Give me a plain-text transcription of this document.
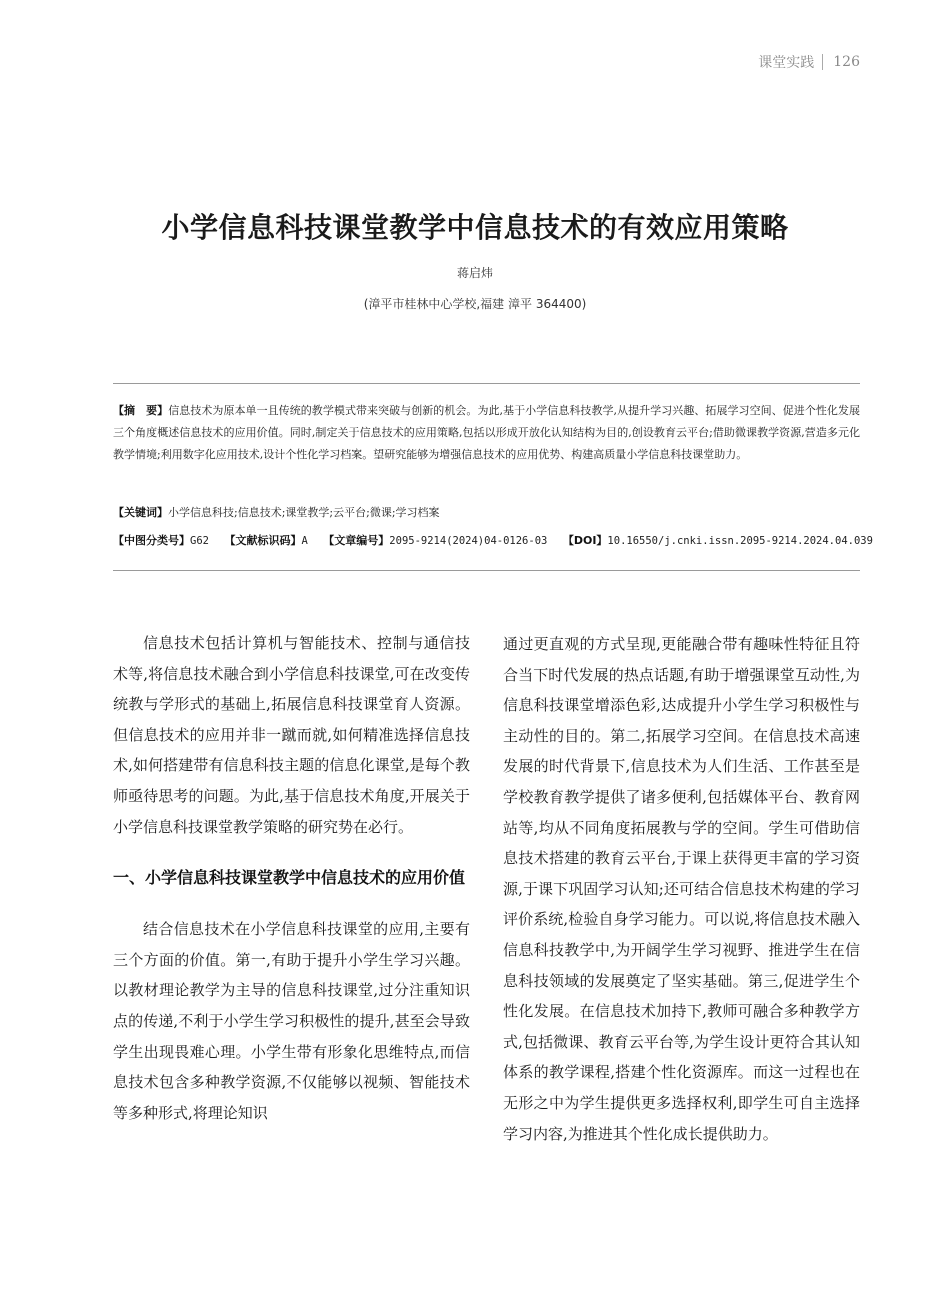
课堂实践 126
小学信息科技课堂教学中信息技术的有效应用策略
蒋启炜
(漳平市桂林中心学校,福建 漳平 364400)
【摘　要】信息技术为原本单一且传统的教学模式带来突破与创新的机会。为此,基于小学信息科技教学,从提升学习兴趣、拓展学习空间、促进个性化发展三个角度概述信息技术的应用价值。同时,制定关于信息技术的应用策略,包括以形成开放化认知结构为目的,创设教育云平台;借助微课教学资源,营造多元化教学情境;利用数字化应用技术,设计个性化学习档案。望研究能够为增强信息技术的应用优势、构建高质量小学信息科技课堂助力。
【关键词】小学信息科技;信息技术;课堂教学;云平台;微课;学习档案
【中图分类号】G62 【文献标识码】A 【文章编号】2095-9214(2024)04-0126-03 【DOI】10.16550/j.cnki.issn.2095-9214.2024.04.039

信息技术包括计算机与智能技术、控制与通信技术等,将信息技术融合到小学信息科技课堂,可在改变传统教与学形式的基础上,拓展信息科技课堂育人资源。但信息技术的应用并非一蹴而就,如何精准选择信息技术,如何搭建带有信息科技主题的信息化课堂,是每个教师亟待思考的问题。为此,基于信息技术角度,开展关于小学信息科技课堂教学策略的研究势在必行。

一、小学信息科技课堂教学中信息技术的应用价值

结合信息技术在小学信息科技课堂的应用,主要有三个方面的价值。第一,有助于提升小学生学习兴趣。以教材理论教学为主导的信息科技课堂,过分注重知识点的传递,不利于小学生学习积极性的提升,甚至会导致学生出现畏难心理。小学生带有形象化思维特点,而信息技术包含多种教学资源,不仅能够以视频、智能技术等多种形式,将理论知识

通过更直观的方式呈现,更能融合带有趣味性特征且符合当下时代发展的热点话题,有助于增强课堂互动性,为信息科技课堂增添色彩,达成提升小学生学习积极性与主动性的目的。第二,拓展学习空间。在信息技术高速发展的时代背景下,信息技术为人们生活、工作甚至是学校教育教学提供了诸多便利,包括媒体平台、教育网站等,均从不同角度拓展教与学的空间。学生可借助信息技术搭建的教育云平台,于课上获得更丰富的学习资源,于课下巩固学习认知;还可结合信息技术构建的学习评价系统,检验自身学习能力。可以说,将信息技术融入信息科技教学中,为开阔学生学习视野、推进学生在信息科技领域的发展奠定了坚实基础。第三,促进学生个性化发展。在信息技术加持下,教师可融合多种教学方式,包括微课、教育云平台等,为学生设计更符合其认知体系的教学课程,搭建个性化资源库。而这一过程也在无形之中为学生提供更多选择权利,即学生可自主选择学习内容,为推进其个性化成长提供助力。
